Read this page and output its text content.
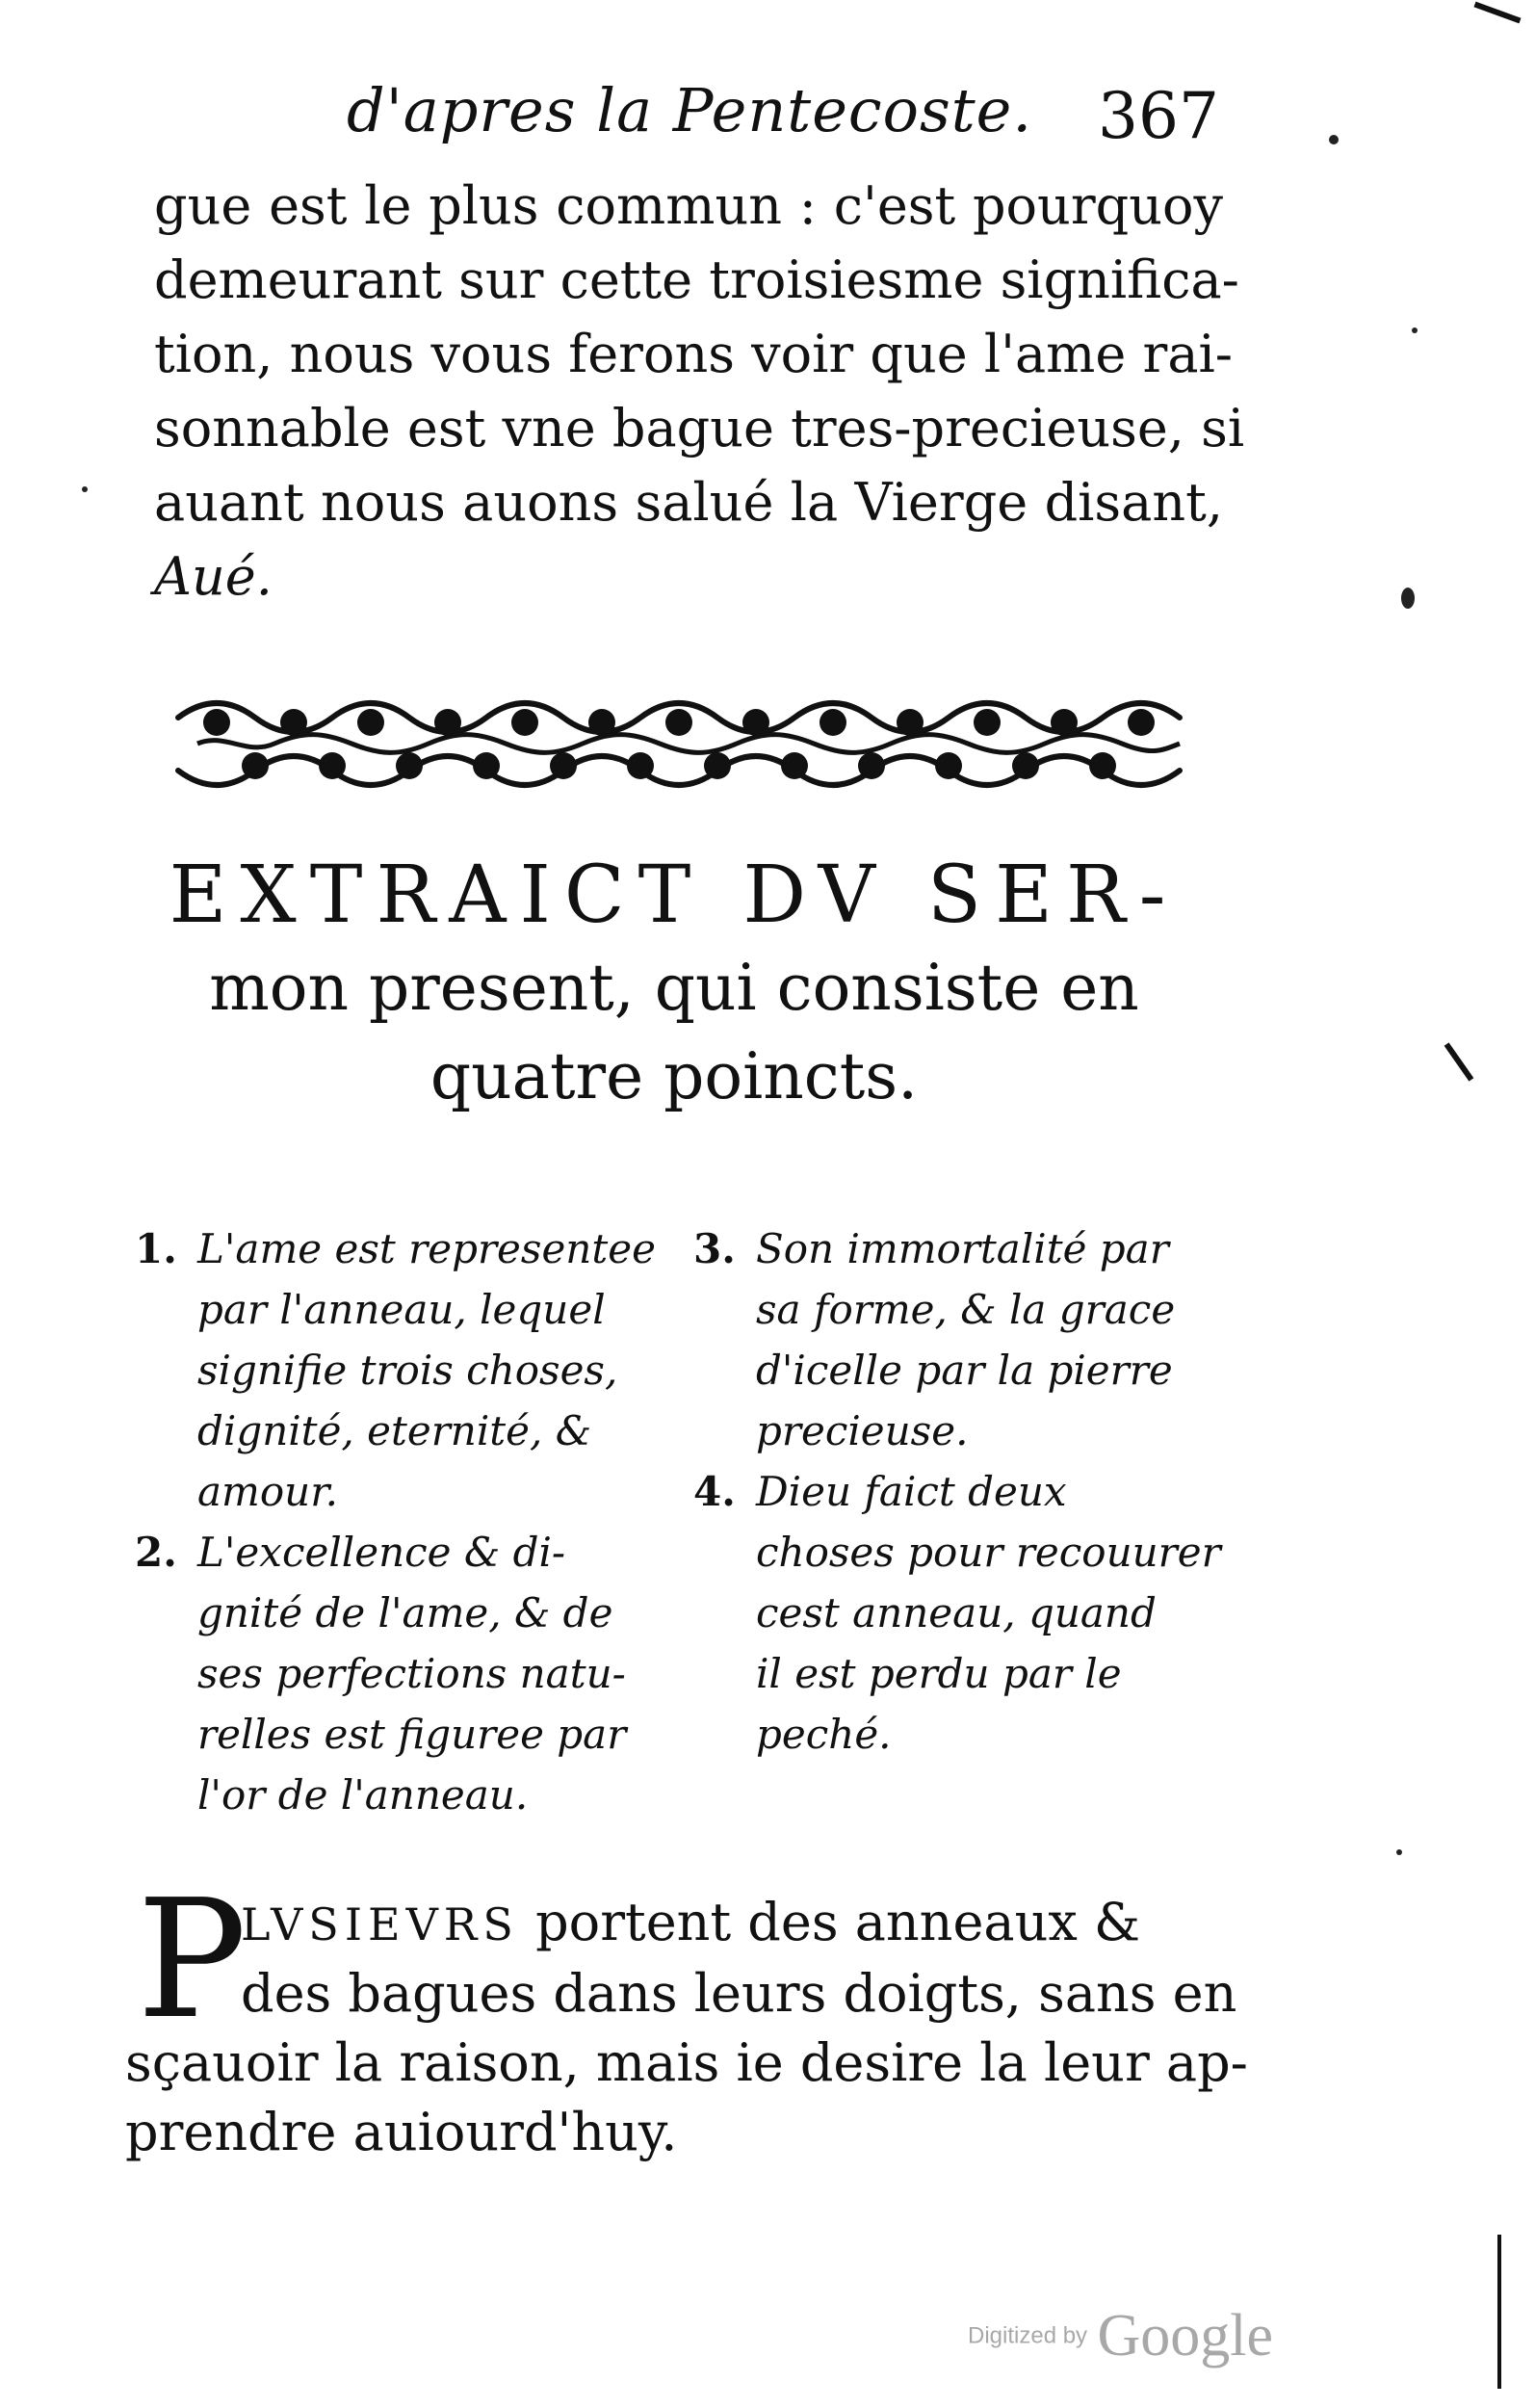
d'apres la Pentecoste. 367
gue est le plus commun : c'est pourquoy
demeurant sur cette troisiesme significa-
tion, nous vous ferons voir que l'ame rai-
sonnable est vne bague tres-precieuse, si
auant nous auons salué la Vierge disant,
Aué.
EXTRAICT DV SER-
mon present, qui consiste en
quatre poincts.
1. L'ame est representee
par l'anneau, lequel
signifie trois choses,
dignité, eternité, &
amour.
2. L'excellence & di-
gnité de l'ame, & de
ses perfections natu-
relles est figuree par
l'or de l'anneau.
3. Son immortalité par
sa forme, & la grace
d'icelle par la pierre
precieuse.
4. Dieu faict deux
choses pour recouurer
cest anneau, quand
il est perdu par le
peché.
P
LVSIEVRS portent des anneaux &
des bagues dans leurs doigts, sans en
sçauoir la raison, mais ie desire la leur ap-
prendre auiourd'huy.
Digitized by Google
